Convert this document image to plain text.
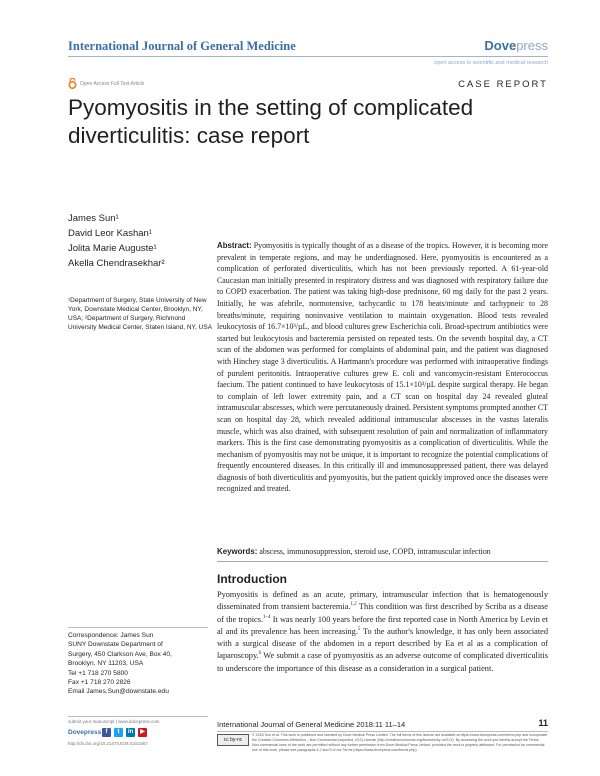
International Journal of General Medicine	Dovepress
open access to scientific and medical research
Open Access Full Text Article	CASE REPORT
Pyomyositis in the setting of complicated diverticulitis: case report
James Sun¹
David Leor Kashan¹
Jolita Marie Auguste¹
Akella Chendrasekhar²
¹Department of Surgery, State University of New York, Downstate Medical Center, Brooklyn, NY, USA; ²Department of Surgery, Richmond University Medical Center, Staten Island, NY, USA

Abstract: Pyomyositis is typically thought of as a disease of the tropics. However, it is becoming more prevalent in temperate regions, and may be underdiagnosed. Here, pyomyositis is encountered as a complication of perforated diverticulitis, which has not been previously reported. A 61-year-old Caucasian man initially presented in respiratory distress and was diagnosed with respiratory failure due to COPD exacerbation. The patient was taking high-dose prednisone, 60 mg daily for the past 2 years. Initially, he was afebrile, normotensive, tachycardic to 178 beats/minute and tachypneic to 28 breaths/minute, requiring noninvasive ventilation to maintain oxygenation. Blood tests revealed leukocytosis of 16.7×10³/µL, and blood cultures grew Escherichia coli. Broad-spectrum antibiotics were started but leukocytosis and bacteremia persisted on repeated tests. On the seventh hospital day, a CT scan of the abdomen was performed for complaints of abdominal pain, and the patient was diagnosed with Hinchey stage 3 diverticulitis. A Hartmann's procedure was performed with intraoperative findings of purulent peritonitis. Intraoperative cultures grew E. coli and vancomycin-resistant Enterococcus faecium. The patient continued to have leukocytosis of 15.1×10³/µL despite surgical therapy. He began to complain of left lower extremity pain, and a CT scan on hospital day 24 revealed gluteal intramuscular abscesses, which were percutaneously drained. Persistent symptoms prompted another CT scan on hospital day 28, which revealed additional intramuscular abscesses in the vastus lateralis muscle, which was also drained, with subsequent resolution of pain and normalization of inflammatory markers. This is the first case demonstrating pyomyositis as a complication of diverticulitis. While the mechanism of pyomyositis may not be unique, it is important to recognize the potential complications of frequently encountered diseases. In this critically ill and immunosuppressed patient, there was delayed diagnosis of both diverticulitis and pyomyositis, but the patient quickly improved once the diseases were recognized and treated.

Keywords: abscess, immunosuppression, steroid use, COPD, intramuscular infection

Introduction

Pyomyositis is defined as an acute, primary, intramuscular infection that is hematogenously disseminated from transient bacteremia.$^{1,2}$ This condition was first described by Scriba as a disease of the tropics.$^{1-4}$ It was nearly 100 years before the first reported case in North America by Levin et al and its prevalence has been increasing.$^5$ To the author's knowledge, it has only been associated with a surgical disease of the abdomen in a report described by Ea et al as a complication of laparoscopy.$^6$ We submit a case of pyomyositis as an adverse outcome of complicated diverticulitis to underscore the importance of this disease as a consideration in a surgical patient.

Correspondence: James Sun
SUNY Downstate Department of
Surgery, 450 Clarkson Ave, Box 40,
Brooklyn, NY 11203, USA
Tel +1 718 270 5800
Fax +1 718 270 2826
Email James.Sun@downstate.edu
submit your manuscript | www.dovepress.com
Dovepress f	t	in	▶
http://dx.doi.org/10.2147/IJGM.S151867
International Journal of General Medicine 2018:11 11–14	11
cc by-nc
© 2018 Sun et al. This work is published and licensed by Dove Medical Press Limited. The full terms of this license are available at https://www.dovepress.com/terms.php and incorporate the Creative Commons Attribution – Non Commercial (unported, v3.0) License (http://creativecommons.org/licenses/by-nc/3.0/). By accessing the work you hereby accept the Terms. Non-commercial uses of the work are permitted without any further permission from Dove Medical Press Limited, provided the work is properly attributed. For permission for commercial use of this work, please see paragraphs 4.2 and 5 of our Terms (https://www.dovepress.com/terms.php).
